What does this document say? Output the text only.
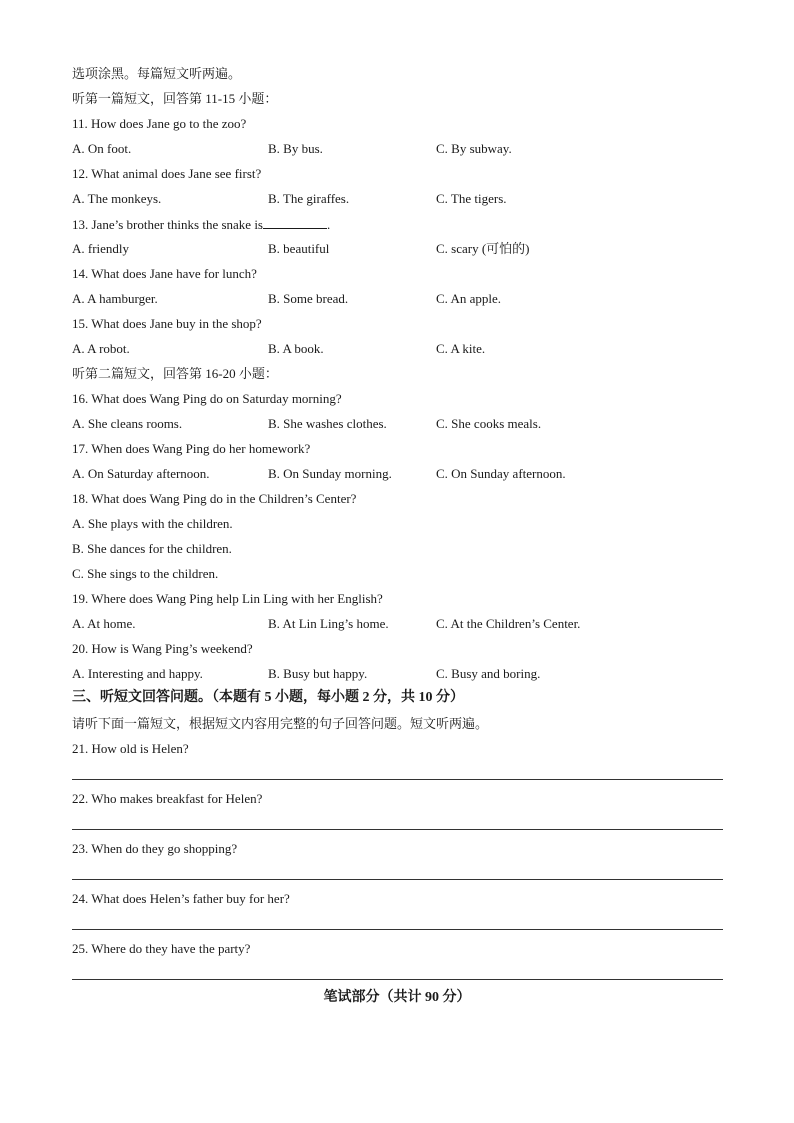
选项涂黑。每篇短文听两遍。
听第一篇短文，回答第 11-15 小题：
11. How does Jane go to the zoo?
A. On foot.	B. By bus.	C. By subway.
12. What animal does Jane see first?
A. The monkeys.	B. The giraffes.	C. The tigers.
13. Jane’s brother thinks the snake is	.
A. friendly	B. beautiful	C. scary (可怕的)
14. What does Jane have for lunch?
A. A hamburger.	B. Some bread.	C. An apple.
15. What does Jane buy in the shop?
A. A robot.	B. A book.	C. A kite.
听第二篇短文，回答第 16-20 小题：
16. What does Wang Ping do on Saturday morning?
A. She cleans rooms.	B. She washes clothes.	C. She cooks meals.
17. When does Wang Ping do her homework?
A. On Saturday afternoon.	B. On Sunday morning.	C. On Sunday afternoon.
18. What does Wang Ping do in the Children’s Center?
A. She plays with the children.
B. She dances for the children.
C. She sings to the children.
19. Where does Wang Ping help Lin Ling with her English?
A. At home.	B. At Lin Ling’s home.	C. At the Children’s Center.
20. How is Wang Ping’s weekend?
A. Interesting and happy.	B. Busy but happy.	C. Busy and boring.
三、听短文回答问题。（本题有 5 小题，每小题 2 分，共 10 分）
请听下面一篇短文，根据短文内容用完整的句子回答问题。短文听两遍。
21. How old is Helen?
22. Who makes breakfast for Helen?
23. When do they go shopping?
24. What does Helen’s father buy for her?
25. Where do they have the party?
笔试部分（共计 90 分）
